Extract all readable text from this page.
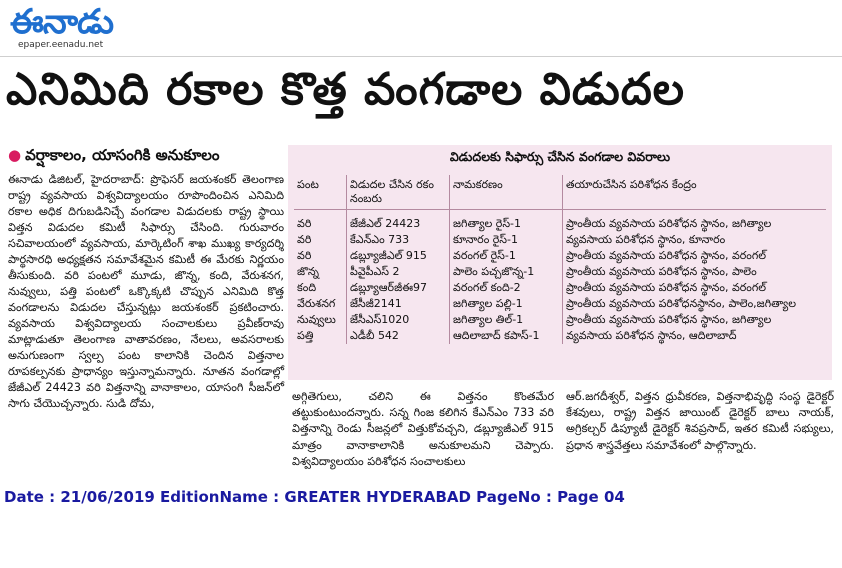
ఈనాడు
epaper.eenadu.net
ఎనిమిది రకాల కొత్త వంగడాల విడుదల
● వర్షాకాలం, యాసంగికి అనుకూలం
ఈనాడు డిజిటల్, హైదరాబాద్: ప్రొఫెసర్ జయశంకర్ తెలంగాణ రాష్ట్ర వ్యవసాయ విశ్వవిద్యాలయం రూపొందించిన ఎనిమిది రకాల అధిక దిగుబడినిచ్చే వంగడాల విడుదలకు రాష్ట్ర స్థాయి విత్తన విడుదల కమిటీ సిఫార్సు చేసింది. గురువారం సచివాలయంలో వ్యవసాయ, మార్కెటింగ్ శాఖ ముఖ్య కార్యదర్శి పార్థసారధి అధ్యక్షతన సమావేశమైన కమిటీ ఈ మేరకు నిర్ణయం తీసుకుంది. వరి పంటలో మూడు, జొన్న, కంది, వేరుశనగ, నువ్వులు, పత్తి పంటలో ఒక్కొక్కటి చొప్పున ఎనిమిది కొత్త వంగడాలను విడుదల చేస్తున్నట్లు జయశంకర్ ప్రకటించారు. వ్యవసాయ విశ్వవిద్యాలయ సంచాలకులు ప్రవీణ్‌రావు మాట్లాడుతూ తెలంగాణ వాతావరణం, నేలలు, అవసరాలకు అనుగుణంగా స్వల్ప పంట కాలానికి చెందిన విత్తనాల రూపకల్పనకు ప్రాధాన్యం ఇస్తున్నామన్నారు. నూతన వంగడాల్లో జేజీఎల్ 24423 వరి విత్తనాన్ని వానాకాలం, యాసంగి సీజన్‌లో సాగు చేయొచ్చన్నారు. సుడి దోమ,
విడుదలకు సిఫార్సు చేసిన వంగడాల వివరాలు
పంట	విడుదల చేసిన రకం నంబరు	నామకరణం	తయారుచేసిన పరిశోధన కేంద్రం
వరి	జేజీఎల్ 24423	జగిత్యాల రైస్-1	ప్రాంతీయ వ్యవసాయ పరిశోధన స్థానం, జగిత్యాల
వరి	కేఎన్ఎం 733	కూనారం రైస్-1	వ్యవసాయ పరిశోధన స్థానం, కూనారం
వరి	డబ్ల్యూజీఎల్ 915	వరంగల్ రైస్-1	ప్రాంతీయ వ్యవసాయ పరిశోధన స్థానం, వరంగల్
జొన్న	పీవైపీఎస్ 2	పాలెం పచ్చజొన్న-1	ప్రాంతీయ వ్యవసాయ పరిశోధన స్థానం, పాలెం
కంది	డబ్ల్యూఆర్‌జీఈ97	వరంగల్ కంది-2	ప్రాంతీయ వ్యవసాయ పరిశోధన స్థానం, వరంగల్
వేరుశనగ	జేసీజీ2141	జగిత్యాల పల్లి-1	ప్రాంతీయ వ్యవసాయ పరిశోధనస్థానం, పాలెం,జగిత్యాల
నువ్వులు	జేసీఎస్1020	జగిత్యాల తిల్-1	ప్రాంతీయ వ్యవసాయ పరిశోధన స్థానం, జగిత్యాల
పత్తి	ఎడీబీ 542	ఆదిలాబాద్ కపాస్-1	వ్యవసాయ పరిశోధన స్థానం, ఆదిలాబాద్
అగ్గితెగులు, చలిని ఈ విత్తనం కొంతమేర తట్టుకుంటుందన్నారు. సన్న గింజ కలిగిన కేఎన్ఎం 733 వరి విత్తనాన్ని రెండు సీజన్లలో విత్తుకోవచ్చని, డబ్ల్యూజీఎల్ 915 మాత్రం వానాకాలానికి అనుకూలమని చెప్పారు. విశ్వవిద్యాలయం పరిశోధన సంచాలకులు
ఆర్.జగదీశ్వర్, విత్తన ధ్రువీకరణ, విత్తనాభివృద్ధి సంస్థ డైరెక్టర్ కేశవులు, రాష్ట్ర విత్తన జాయింట్ డైరెక్టర్ బాలు నాయక్, అగ్రికల్చర్ డిప్యూటీ డైరెక్టర్ శివప్రసాద్, ఇతర కమిటీ సభ్యులు, ప్రధాన శాస్త్రవేత్తలు సమావేశంలో పాల్గొన్నారు.
Date : 21/06/2019 EditionName : GREATER HYDERABAD PageNo : Page 04
